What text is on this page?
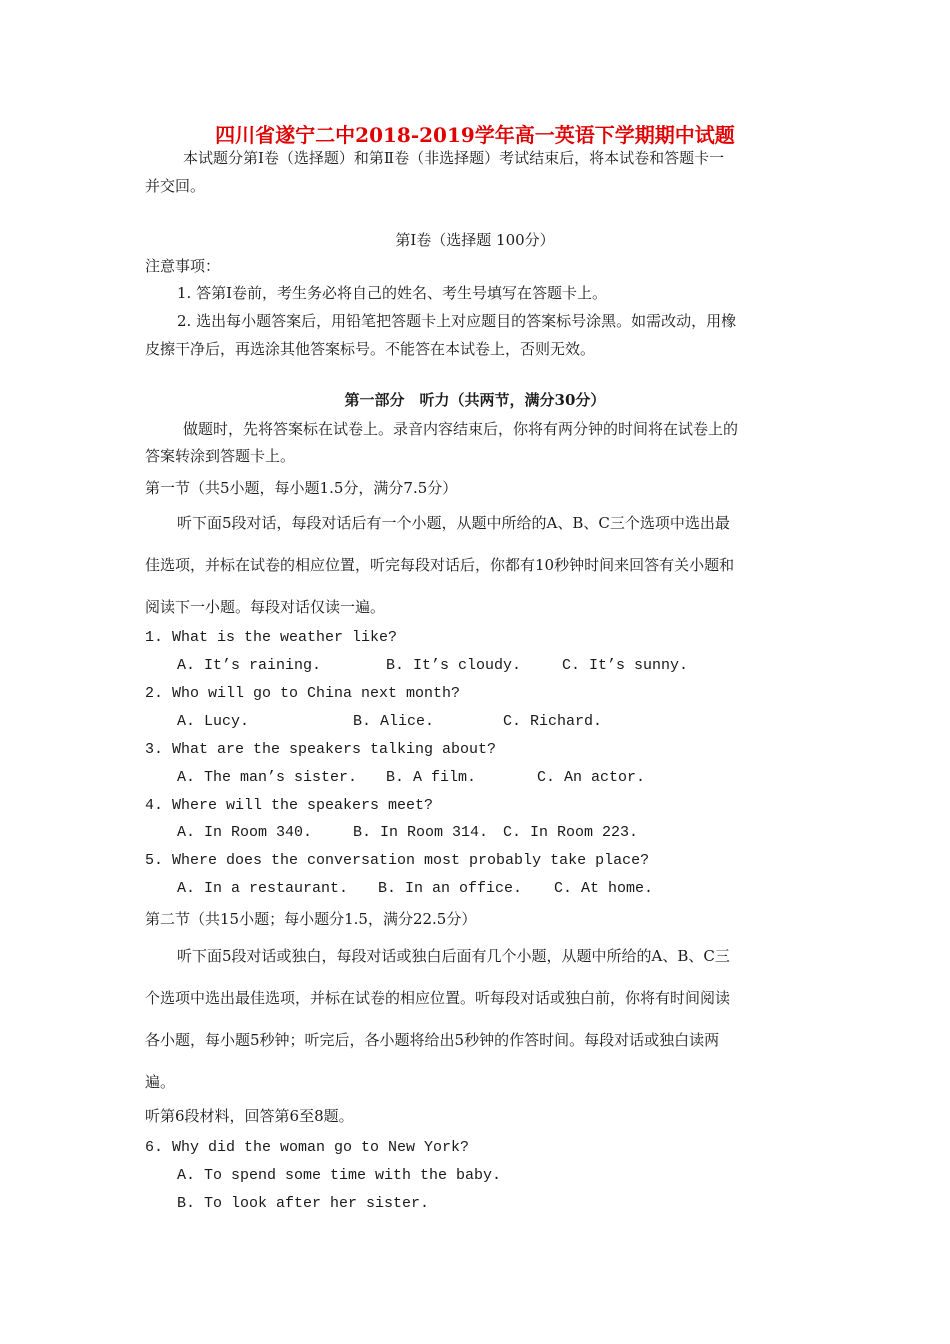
四川省遂宁二中2018-2019学年高一英语下学期期中试题
本试题分第Ⅰ卷（选择题）和第Ⅱ卷（非选择题）考试结束后，将本试卷和答题卡一
并交回。
第Ⅰ卷（选择题 100分）
注意事项：
1. 答第Ⅰ卷前，考生务必将自己的姓名、考生号填写在答题卡上。
2. 选出每小题答案后，用铅笔把答题卡上对应题目的答案标号涂黑。如需改动，用橡
皮擦干净后，再选涂其他答案标号。不能答在本试卷上，否则无效。
第一部分　听力（共两节，满分30分）
做题时，先将答案标在试卷上。录音内容结束后，你将有两分钟的时间将在试卷上的
答案转涂到答题卡上。
第一节（共5小题，每小题1.5分，满分7.5分）
听下面5段对话，每段对话后有一个小题，从题中所给的A、B、C三个选项中选出最
佳选项，并标在试卷的相应位置，听完每段对话后，你都有10秒钟时间来回答有关小题和
阅读下一小题。每段对话仅读一遍。
1. What is the weather like?
A. It’s raining.	B. It’s cloudy.	C. It’s sunny.
2. Who will go to China next month?
A. Lucy.	B. Alice.	C. Richard.
3. What are the speakers talking about?
A. The man’s sister. B. A film.	C. An actor.
4. Where will the speakers meet?
A. In Room 340.	B. In Room 314. C. In Room 223.
5. Where does the conversation most probably take place?
A. In a restaurant. B. In an office. C. At home.
第二节（共15小题；每小题分1.5，满分22.5分）
听下面5段对话或独白，每段对话或独白后面有几个小题，从题中所给的A、B、C三
个选项中选出最佳选项，并标在试卷的相应位置。听每段对话或独白前，你将有时间阅读
各小题，每小题5秒钟；听完后，各小题将给出5秒钟的作答时间。每段对话或独白读两
遍。
听第6段材料，回答第6至8题。
6. Why did the woman go to New York?
A. To spend some time with the baby.
B. To look after her sister.
